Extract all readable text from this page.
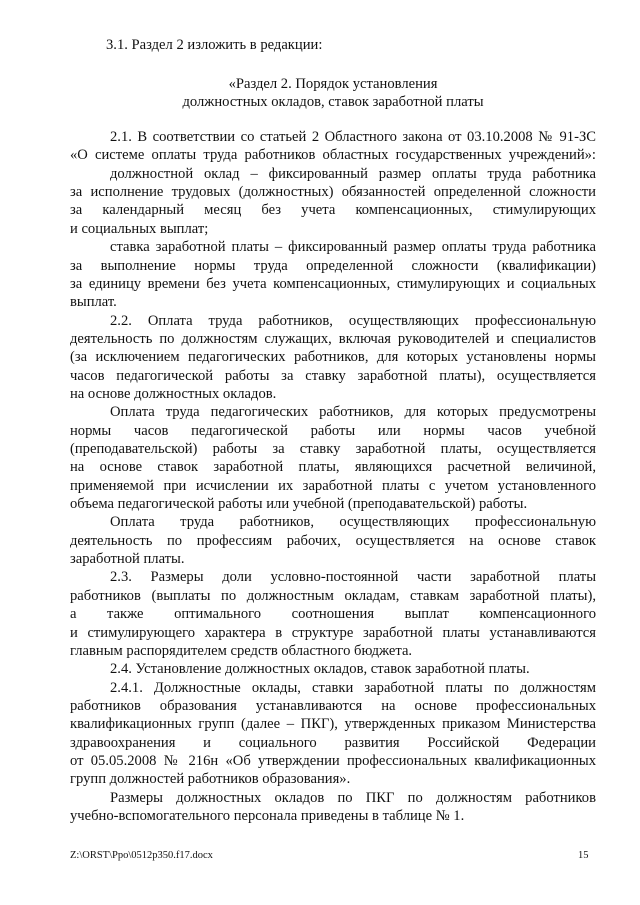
3.1. Раздел 2 изложить в редакции:
«Раздел 2. Порядок установления
должностных окладов, ставок заработной платы
2.1. В соответствии со статьей 2 Областного закона от 03.10.2008 № 91-ЗС
«О системе оплаты труда работников областных государственных учреждений»:
должностной оклад – фиксированный размер оплаты труда работника
за исполнение трудовых (должностных) обязанностей определенной сложности
за календарный месяц без учета компенсационных, стимулирующих
и социальных выплат;
ставка заработной платы – фиксированный размер оплаты труда работника
за выполнение нормы труда определенной сложности (квалификации)
за единицу времени без учета компенсационных, стимулирующих и социальных
выплат.
2.2. Оплата труда работников, осуществляющих профессиональную
деятельность по должностям служащих, включая руководителей и специалистов
(за исключением педагогических работников, для которых установлены нормы
часов педагогической работы за ставку заработной платы), осуществляется
на основе должностных окладов.
Оплата труда педагогических работников, для которых предусмотрены
нормы часов педагогической работы или нормы часов учебной
(преподавательской) работы за ставку заработной платы, осуществляется
на основе ставок заработной платы, являющихся расчетной величиной,
применяемой при исчислении их заработной платы с учетом установленного
объема педагогической работы или учебной (преподавательской) работы.
Оплата труда работников, осуществляющих профессиональную
деятельность по профессиям рабочих, осуществляется на основе ставок
заработной платы.
2.3. Размеры доли условно-постоянной части заработной платы
работников (выплаты по должностным окладам, ставкам заработной платы),
а также оптимального соотношения выплат компенсационного
и стимулирующего характера в структуре заработной платы устанавливаются
главным распорядителем средств областного бюджета.
2.4. Установление должностных окладов, ставок заработной платы.
2.4.1. Должностные оклады, ставки заработной платы по должностям
работников образования устанавливаются на основе профессиональных
квалификационных групп (далее – ПКГ), утвержденных приказом Министерства
здравоохранения и социального развития Российской Федерации
от 05.05.2008 № 216н «Об утверждении профессиональных квалификационных
групп должностей работников образования».
Размеры должностных окладов по ПКГ по должностям работников
учебно-вспомогательного персонала приведены в таблице № 1.
Z:\ORST\Ppo\0512p350.f17.docx	15
